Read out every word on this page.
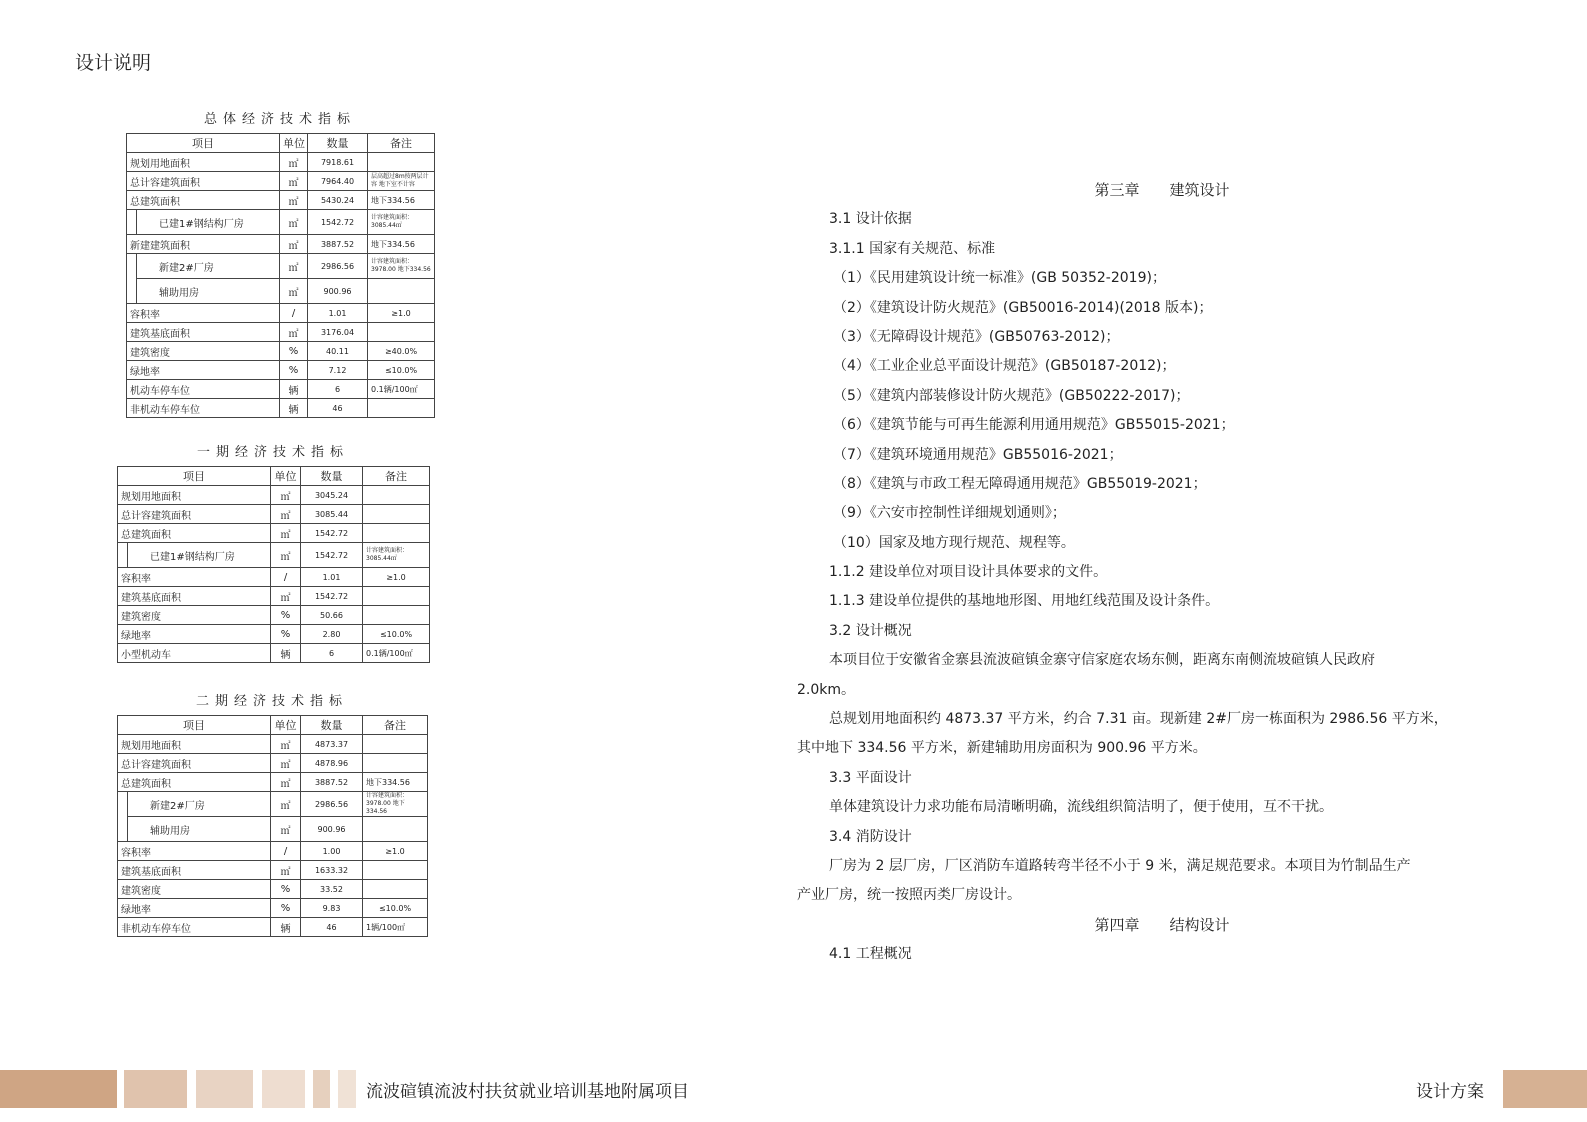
设计说明
总体经济技术指标
项目		单位	数量	备注
规划用地面积		㎡	7918.61	
总计容建筑面积		㎡	7964.40	层高超过8m按两层计容 地下室不计容
总建筑面积		㎡	5430.24	地下334.56
	已建1#钢结构厂房	㎡	1542.72	计容建筑面积：3085.44㎡
新建建筑面积		㎡	3887.52	地下334.56
	新建2#厂房	㎡	2986.56	计容建筑面积：3978.00 地下334.56
	辅助用房	㎡	900.96	
容积率		/	1.01	≥1.0
建筑基底面积		㎡	3176.04	
建筑密度		%	40.11	≥40.0%
绿地率		%	7.12	≤10.0%
机动车停车位		辆	6	0.1辆/100㎡
非机动车停车位		辆	46	
一期经济技术指标
项目		单位	数量	备注
规划用地面积		㎡	3045.24	
总计容建筑面积		㎡	3085.44	
总建筑面积		㎡	1542.72	
	已建1#钢结构厂房	㎡	1542.72	计容建筑面积：3085.44㎡
容积率		/	1.01	≥1.0
建筑基底面积		㎡	1542.72	
建筑密度		%	50.66	
绿地率		%	2.80	≤10.0%
小型机动车		辆	6	0.1辆/100㎡
二期经济技术指标
项目		单位	数量	备注
规划用地面积		㎡	4873.37	
总计容建筑面积		㎡	4878.96	
总建筑面积		㎡	3887.52	地下334.56
	新建2#厂房	㎡	2986.56	计容建筑面积：3978.00 地下334.56
	辅助用房	㎡	900.96	
容积率		/	1.00	≥1.0
建筑基底面积		㎡	1633.32	
建筑密度		%	33.52	
绿地率		%	9.83	≤10.0%
非机动车停车位		辆	46	1辆/100㎡
第三章　　建筑设计
3.1 设计依据
3.1.1 国家有关规范、标准
（1）《民用建筑设计统一标准》(GB 50352-2019)；
（2）《建筑设计防火规范》(GB50016-2014)(2018 版本)；
（3）《无障碍设计规范》(GB50763-2012)；
（4）《工业企业总平面设计规范》(GB50187-2012)；
（5）《建筑内部装修设计防火规范》(GB50222-2017)；
（6）《建筑节能与可再生能源利用通用规范》GB55015-2021；
（7）《建筑环境通用规范》GB55016-2021；
（8）《建筑与市政工程无障碍通用规范》GB55019-2021；
（9）《六安市控制性详细规划通则》；
（10）国家及地方现行规范、规程等。
1.1.2 建设单位对项目设计具体要求的文件。
1.1.3 建设单位提供的基地地形图、用地红线范围及设计条件。
3.2 设计概况
本项目位于安徽省金寨县流波碹镇金寨守信家庭农场东侧，距离东南侧流坡碹镇人民政府
2.0km。
总规划用地面积约 4873.37 平方米，约合 7.31 亩。现新建 2#厂房一栋面积为 2986.56 平方米，
其中地下 334.56 平方米，新建辅助用房面积为 900.96 平方米。
3.3 平面设计
单体建筑设计力求功能布局清晰明确，流线组织简洁明了，便于使用，互不干扰。
3.4 消防设计
厂房为 2 层厂房，厂区消防车道路转弯半径不小于 9 米，满足规范要求。本项目为竹制品生产
产业厂房，统一按照丙类厂房设计。
第四章　　结构设计
4.1 工程概况
流波碹镇流波村扶贫就业培训基地附属项目	设计方案
